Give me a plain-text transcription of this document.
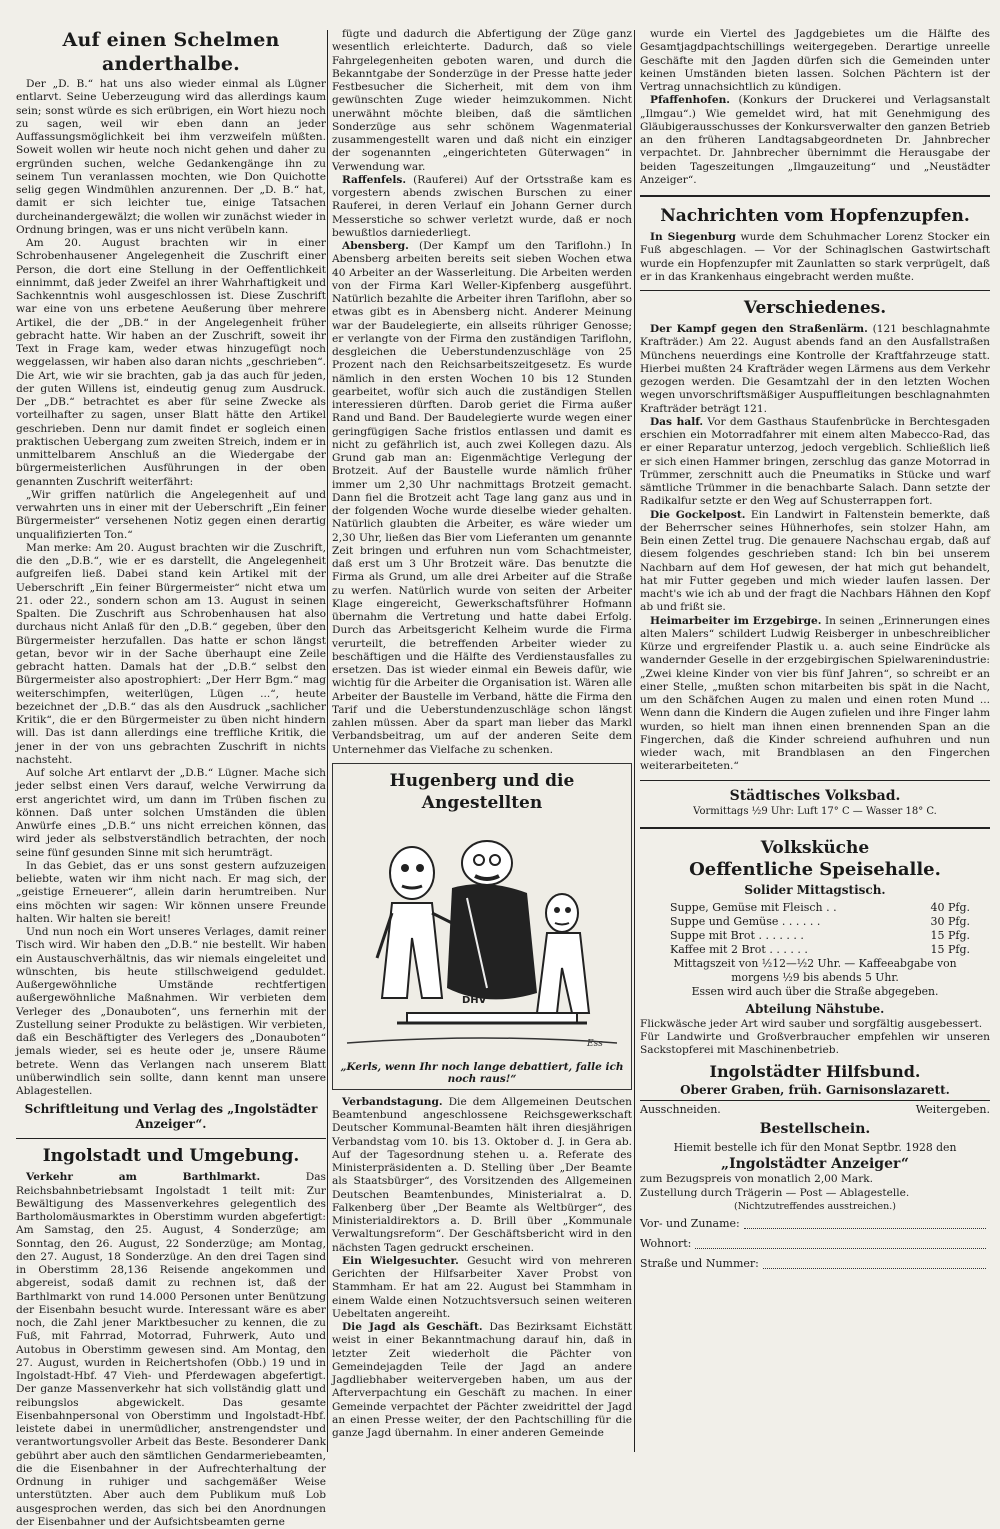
Auf einen Schelmen anderthalbe.

Der „D. B.“ hat uns also wieder einmal als Lügner entlarvt. Seine Ueberzeugung wird das allerdings kaum sein; sonst würde es sich erübrigen, ein Wort hiezu noch zu sagen, weil wir eben dann an jeder Auffassungsmöglichkeit bei ihm verzweifeln müßten. Soweit wollen wir heute noch nicht gehen und daher zu ergründen suchen, welche Gedankengänge ihn zu seinem Tun veranlassen mochten, wie Don Quichotte selig gegen Windmühlen anzurennen. Der „D. B.“ hat, damit er sich leichter tue, einige Tatsachen durcheinandergewälzt; die wollen wir zunächst wieder in Ordnung bringen, was er uns nicht verübeln kann.

Am 20. August brachten wir in einer Schrobenhausener Angelegenheit die Zuschrift einer Person, die dort eine Stellung in der Oeffentlichkeit einnimmt, daß jeder Zweifel an ihrer Wahrhaftigkeit und Sachkenntnis wohl ausgeschlossen ist. Diese Zuschrift war eine von uns erbetene Aeußerung über mehrere Artikel, die der „DB.“ in der Angelegenheit früher gebracht hatte. Wir haben an der Zuschrift, soweit ihr Text in Frage kam, weder etwas hinzugefügt noch weggelassen, wir haben also daran nichts „geschrieben“. Die Art, wie wir sie brachten, gab ja das auch für jeden, der guten Willens ist, eindeutig genug zum Ausdruck. Der „DB.“ betrachtet es aber für seine Zwecke als vorteilhafter zu sagen, unser Blatt hätte den Artikel geschrieben. Denn nur damit findet er sogleich einen praktischen Uebergang zum zweiten Streich, indem er in unmittelbarem Anschluß an die Wiedergabe der bürgermeisterlichen Ausführungen in der oben genannten Zuschrift weiterfährt:

„Wir griffen natürlich die Angelegenheit auf und verwahrten uns in einer mit der Ueberschrift „Ein feiner Bürgermeister“ versehenen Notiz gegen einen derartig unqualifizierten Ton.“

Man merke: Am 20. August brachten wir die Zuschrift, die den „D.B.“, wie er es darstellt, die Angelegenheit aufgreifen ließ. Dabei stand kein Artikel mit der Ueberschrift „Ein feiner Bürgermeister“ nicht etwa um 21. oder 22., sondern schon am 13. August in seinen Spalten. Die Zuschrift aus Schrobenhausen hat also durchaus nicht Anlaß für den „D.B.“ gegeben, über den Bürgermeister herzufallen. Das hatte er schon längst getan, bevor wir in der Sache überhaupt eine Zeile gebracht hatten. Damals hat der „D.B.“ selbst den Bürgermeister also apostrophiert: „Der Herr Bgm.“ mag weiterschimpfen, weiterlügen, Lügen ...“, heute bezeichnet der „D.B.“ das als den Ausdruck „sachlicher Kritik“, die er den Bürgermeister zu üben nicht hindern will. Das ist dann allerdings eine treffliche Kritik, die jener in der von uns gebrachten Zuschrift in nichts nachsteht.

Auf solche Art entlarvt der „D.B.“ Lügner. Mache sich jeder selbst einen Vers darauf, welche Verwirrung da erst angerichtet wird, um dann im Trüben fischen zu können. Daß unter solchen Umständen die üblen Anwürfe eines „D.B.“ uns nicht erreichen können, das wird jeder als selbstverständlich betrachten, der noch seine fünf gesunden Sinne mit sich herumträgt.

In das Gebiet, das er uns sonst gestern aufzuzeigen beliebte, waten wir ihm nicht nach. Er mag sich, der „geistige Erneuerer“, allein darin herumtreiben. Nur eins möchten wir sagen: Wir können unsere Freunde halten. Wir halten sie bereit!

Und nun noch ein Wort unseres Verlages, damit reiner Tisch wird. Wir haben den „D.B.“ nie bestellt. Wir haben ein Austauschverhältnis, das wir niemals eingeleitet und wünschten, bis heute stillschweigend geduldet. Außergewöhnliche Umstände rechtfertigen außergewöhnliche Maßnahmen. Wir verbieten dem Verleger des „Donauboten“, uns fernerhin mit der Zustellung seiner Produkte zu belästigen. Wir verbieten, daß ein Beschäftigter des Verlegers des „Donauboten“ jemals wieder, sei es heute oder je, unsere Räume betrete. Wenn das Verlangen nach unserem Blatt unüberwindlich sein sollte, dann kennt man unsere Ablagestellen.

Schriftleitung und Verlag des „Ingolstädter Anzeiger“.

Ingolstadt und Umgebung.

Verkehr am Barthlmarkt. Das Reichsbahnbetriebsamt Ingolstadt 1 teilt mit: Zur Bewältigung des Massenverkehres gelegentlich des Bartholomäusmarktes in Oberstimm wurden abgefertigt: Am Samstag, den 25. August, 4 Sonderzüge; am Sonntag, den 26. August, 22 Sonderzüge; am Montag, den 27. August, 18 Sonderzüge. An den drei Tagen sind in Oberstimm 28,136 Reisende angekommen und abgereist, sodaß damit zu rechnen ist, daß der Barthlmarkt von rund 14.000 Personen unter Benützung der Eisenbahn besucht wurde. Interessant wäre es aber noch, die Zahl jener Marktbesucher zu kennen, die zu Fuß, mit Fahrrad, Motorrad, Fuhrwerk, Auto und Autobus in Oberstimm gewesen sind. Am Montag, den 27. August, wurden in Reichertshofen (Obb.) 19 und in Ingolstadt-Hbf. 47 Vieh- und Pferdewagen abgefertigt. Der ganze Massenverkehr hat sich vollständig glatt und reibungslos abgewickelt. Das gesamte Eisenbahnpersonal von Oberstimm und Ingolstadt-Hbf. leistete dabei in unermüdlicher, anstrengendster und verantwortungsvoller Arbeit das Beste. Besonderer Dank gebührt aber auch den sämtlichen Gendarmeriebeamten, die die Eisenbahner in der Aufrechterhaltung der Ordnung in ruhiger und sachgemäßer Weise unterstützten. Aber auch dem Publikum muß Lob ausgesprochen werden, das sich bei den Anordnungen der Eisenbahner und der Aufsichtsbeamten gerne

fügte und dadurch die Abfertigung der Züge ganz wesentlich erleichterte. Dadurch, daß so viele Fahrgelegenheiten geboten waren, und durch die Bekanntgabe der Sonderzüge in der Presse hatte jeder Festbesucher die Sicherheit, mit dem von ihm gewünschten Zuge wieder heimzukommen. Nicht unerwähnt möchte bleiben, daß die sämtlichen Sonderzüge aus sehr schönem Wagenmaterial zusammengestellt waren und daß nicht ein einziger der sogenannten „eingerichteten Güterwagen“ in Verwendung war.

Raffenfels. (Rauferei) Auf der Ortsstraße kam es vorgestern abends zwischen Burschen zu einer Rauferei, in deren Verlauf ein Johann Gerner durch Messerstiche so schwer verletzt wurde, daß er noch bewußtlos darniederliegt.

Abensberg. (Der Kampf um den Tariflohn.) In Abensberg arbeiten bereits seit sieben Wochen etwa 40 Arbeiter an der Wasserleitung. Die Arbeiten werden von der Firma Karl Weller-Kipfenberg ausgeführt. Natürlich bezahlte die Arbeiter ihren Tariflohn, aber so etwas gibt es in Abensberg nicht. Anderer Meinung war der Baudelegierte, ein allseits rühriger Genosse; er verlangte von der Firma den zuständigen Tariflohn, desgleichen die Ueberstundenzuschläge von 25 Prozent nach den Reichsarbeitszeitgesetz. Es wurde nämlich in den ersten Wochen 10 bis 12 Stunden gearbeitet, wofür sich auch die zuständigen Stellen interessieren dürften. Darob geriet die Firma außer Rand und Band. Der Baudelegierte wurde wegen einer geringfügigen Sache fristlos entlassen und damit es nicht zu gefährlich ist, auch zwei Kollegen dazu. Als Grund gab man an: Eigenmächtige Verlegung der Brotzeit. Auf der Baustelle wurde nämlich früher immer um 2,30 Uhr nachmittags Brotzeit gemacht. Dann fiel die Brotzeit acht Tage lang ganz aus und in der folgenden Woche wurde dieselbe wieder gehalten. Natürlich glaubten die Arbeiter, es wäre wieder um 2,30 Uhr, ließen das Bier vom Lieferanten um genannte Zeit bringen und erfuhren nun vom Schachtmeister, daß erst um 3 Uhr Brotzeit wäre. Das benutzte die Firma als Grund, um alle drei Arbeiter auf die Straße zu werfen. Natürlich wurde von seiten der Arbeiter Klage eingereicht, Gewerkschaftsführer Hofmann übernahm die Vertretung und hatte dabei Erfolg. Durch das Arbeitsgericht Kelheim wurde die Firma verurteilt, die betreffenden Arbeiter wieder zu beschäftigen und die Hälfte des Verdienstausfalles zu ersetzen. Das ist wieder einmal ein Beweis dafür, wie wichtig für die Arbeiter die Organisation ist. Wären alle Arbeiter der Baustelle im Verband, hätte die Firma den Tarif und die Ueberstundenzuschläge schon längst zahlen müssen. Aber da spart man lieber das Markl Verbandsbeitrag, um auf der anderen Seite dem Unternehmer das Vielfache zu schenken.

Hugenberg und die Angestellten
DHV
Ess

„Kerls, wenn Ihr noch lange debattiert, falle ich noch raus!“

Verbandstagung. Die dem Allgemeinen Deutschen Beamtenbund angeschlossene Reichsgewerkschaft Deutscher Kommunal-Beamten hält ihren diesjährigen Verbandstag vom 10. bis 13. Oktober d. J. in Gera ab. Auf der Tagesordnung stehen u. a. Referate des Ministerpräsidenten a. D. Stelling über „Der Beamte als Staatsbürger“, des Vorsitzenden des Allgemeinen Deutschen Beamtenbundes, Ministerialrat a. D. Falkenberg über „Der Beamte als Weltbürger“, des Ministerialdirektors a. D. Brill über „Kommunale Verwaltungsreform“. Der Geschäftsbericht wird in den nächsten Tagen gedruckt erscheinen.

Ein Wielgesuchter. Gesucht wird von mehreren Gerichten der Hilfsarbeiter Xaver Probst von Stammham. Er hat am 22. August bei Stammham in einem Walde einen Notzuchtsversuch seinen weiteren Uebeltaten angereiht.

Die Jagd als Geschäft. Das Bezirksamt Eichstätt weist in einer Bekanntmachung darauf hin, daß in letzter Zeit wiederholt die Pächter von Gemeindejagden Teile der Jagd an andere Jagdliebhaber weitervergeben haben, um aus der Afterverpachtung ein Geschäft zu machen. In einer Gemeinde verpachtet der Pächter zweidrittel der Jagd an einen Presse weiter, der den Pachtschilling für die ganze Jagd übernahm. In einer anderen Gemeinde

wurde ein Viertel des Jagdgebietes um die Hälfte des Gesamtjagdpachtschillings weitergegeben. Derartige unreelle Geschäfte mit den Jagden dürfen sich die Gemeinden unter keinen Umständen bieten lassen. Solchen Pächtern ist der Vertrag unnachsichtlich zu kündigen.

Pfaffenhofen. (Konkurs der Druckerei und Verlagsanstalt „Ilmgau“.) Wie gemeldet wird, hat mit Genehmigung des Gläubigerausschusses der Konkursverwalter den ganzen Betrieb an den früheren Landtagsabgeordneten Dr. Jahnbrecher verpachtet. Dr. Jahnbrecher übernimmt die Herausgabe der beiden Tageszeitungen „Ilmgauzeitung“ und „Neustädter Anzeiger“.

Nachrichten vom Hopfenzupfen.

In Siegenburg wurde dem Schuhmacher Lorenz Stocker ein Fuß abgeschlagen. — Vor der Schinaglschen Gastwirtschaft wurde ein Hopfenzupfer mit Zaunlatten so stark verprügelt, daß er in das Krankenhaus eingebracht werden mußte.

Verschiedenes.

Der Kampf gegen den Straßenlärm. (121 beschlagnahmte Krafträder.) Am 22. August abends fand an den Ausfallstraßen Münchens neuerdings eine Kontrolle der Kraftfahrzeuge statt. Hierbei mußten 24 Krafträder wegen Lärmens aus dem Verkehr gezogen werden. Die Gesamtzahl der in den letzten Wochen wegen unvorschriftsmäßiger Auspuffleitungen beschlagnahmten Krafträder beträgt 121.

Das half. Vor dem Gasthaus Staufenbrücke in Berchtesgaden erschien ein Motorradfahrer mit einem alten Mabecco-Rad, das er einer Reparatur unterzog, jedoch vergeblich. Schließlich ließ er sich einen Hammer bringen, zerschlug das ganze Motorrad in Trümmer, zerschnitt auch die Pneumatiks in Stücke und warf sämtliche Trümmer in die benachbarte Salach. Dann setzte der Radikalfur setzte er den Weg auf Schusterrappen fort.

Die Gockelpost. Ein Landwirt in Faltenstein bemerkte, daß der Beherrscher seines Hühnerhofes, sein stolzer Hahn, am Bein einen Zettel trug. Die genauere Nachschau ergab, daß auf diesem folgendes geschrieben stand: Ich bin bei unserem Nachbarn auf dem Hof gewesen, der hat mich gut behandelt, hat mir Futter gegeben und mich wieder laufen lassen. Der macht's wie ich ab und der fragt die Nachbars Hähnen den Kopf ab und frißt sie.

Heimarbeiter im Erzgebirge. In seinen „Erinnerungen eines alten Malers“ schildert Ludwig Reisberger in unbeschreiblicher Kürze und ergreifender Plastik u. a. auch seine Eindrücke als wandernder Geselle in der erzgebirgischen Spielwarenindustrie: „Zwei kleine Kinder von vier bis fünf Jahren“, so schreibt er an einer Stelle, „mußten schon mitarbeiten bis spät in die Nacht, um den Schäfchen Augen zu malen und einen roten Mund ... Wenn dann die Kindern die Augen zufielen und ihre Finger lahm wurden, so hielt man ihnen einen brennenden Span an die Fingerchen, daß die Kinder schreiend aufhuhren und nun wieder wach, mit Brandblasen an den Fingerchen weiterarbeiteten.“

Städtisches Volksbad.

Vormittags ½9 Uhr: Luft 17° C — Wasser 18° C.

Volksküche
Oeffentliche Speisehalle.

Solider Mittagstisch.

Suppe, Gemüse mit Fleisch . .	40 Pfg.
Suppe und Gemüse . . . . . .	30 Pfg.
Suppe mit Brot . . . . . . .	15 Pfg.
Kaffee mit 2 Brot . . . . . .	15 Pfg.

Mittagszeit von ½12—½2 Uhr. — Kaffeeabgabe von

morgens ½9 bis abends 5 Uhr.

Essen wird auch über die Straße abgegeben.

Abteilung Nähstube.

Flickwäsche jeder Art wird sauber und sorgfältig ausgebessert.

Für Landwirte und Großverbraucher empfehlen wir unseren Sackstopferei mit Maschinenbetrieb.

Ingolstädter Hilfsbund.

Oberer Graben, früh. Garnisonslazarett.

Ausschneiden.	Weitergeben.
Bestellschein.

Hiemit bestelle ich für den Monat Septbr. 1928 den

„Ingolstädter Anzeiger“

zum Bezugspreis von monatlich 2,00 Mark.

Zustellung durch Trägerin — Post — Ablagestelle.

(Nichtzutreffendes ausstreichen.)

Vor- und Zuname:
Wohnort:
Straße und Nummer:
